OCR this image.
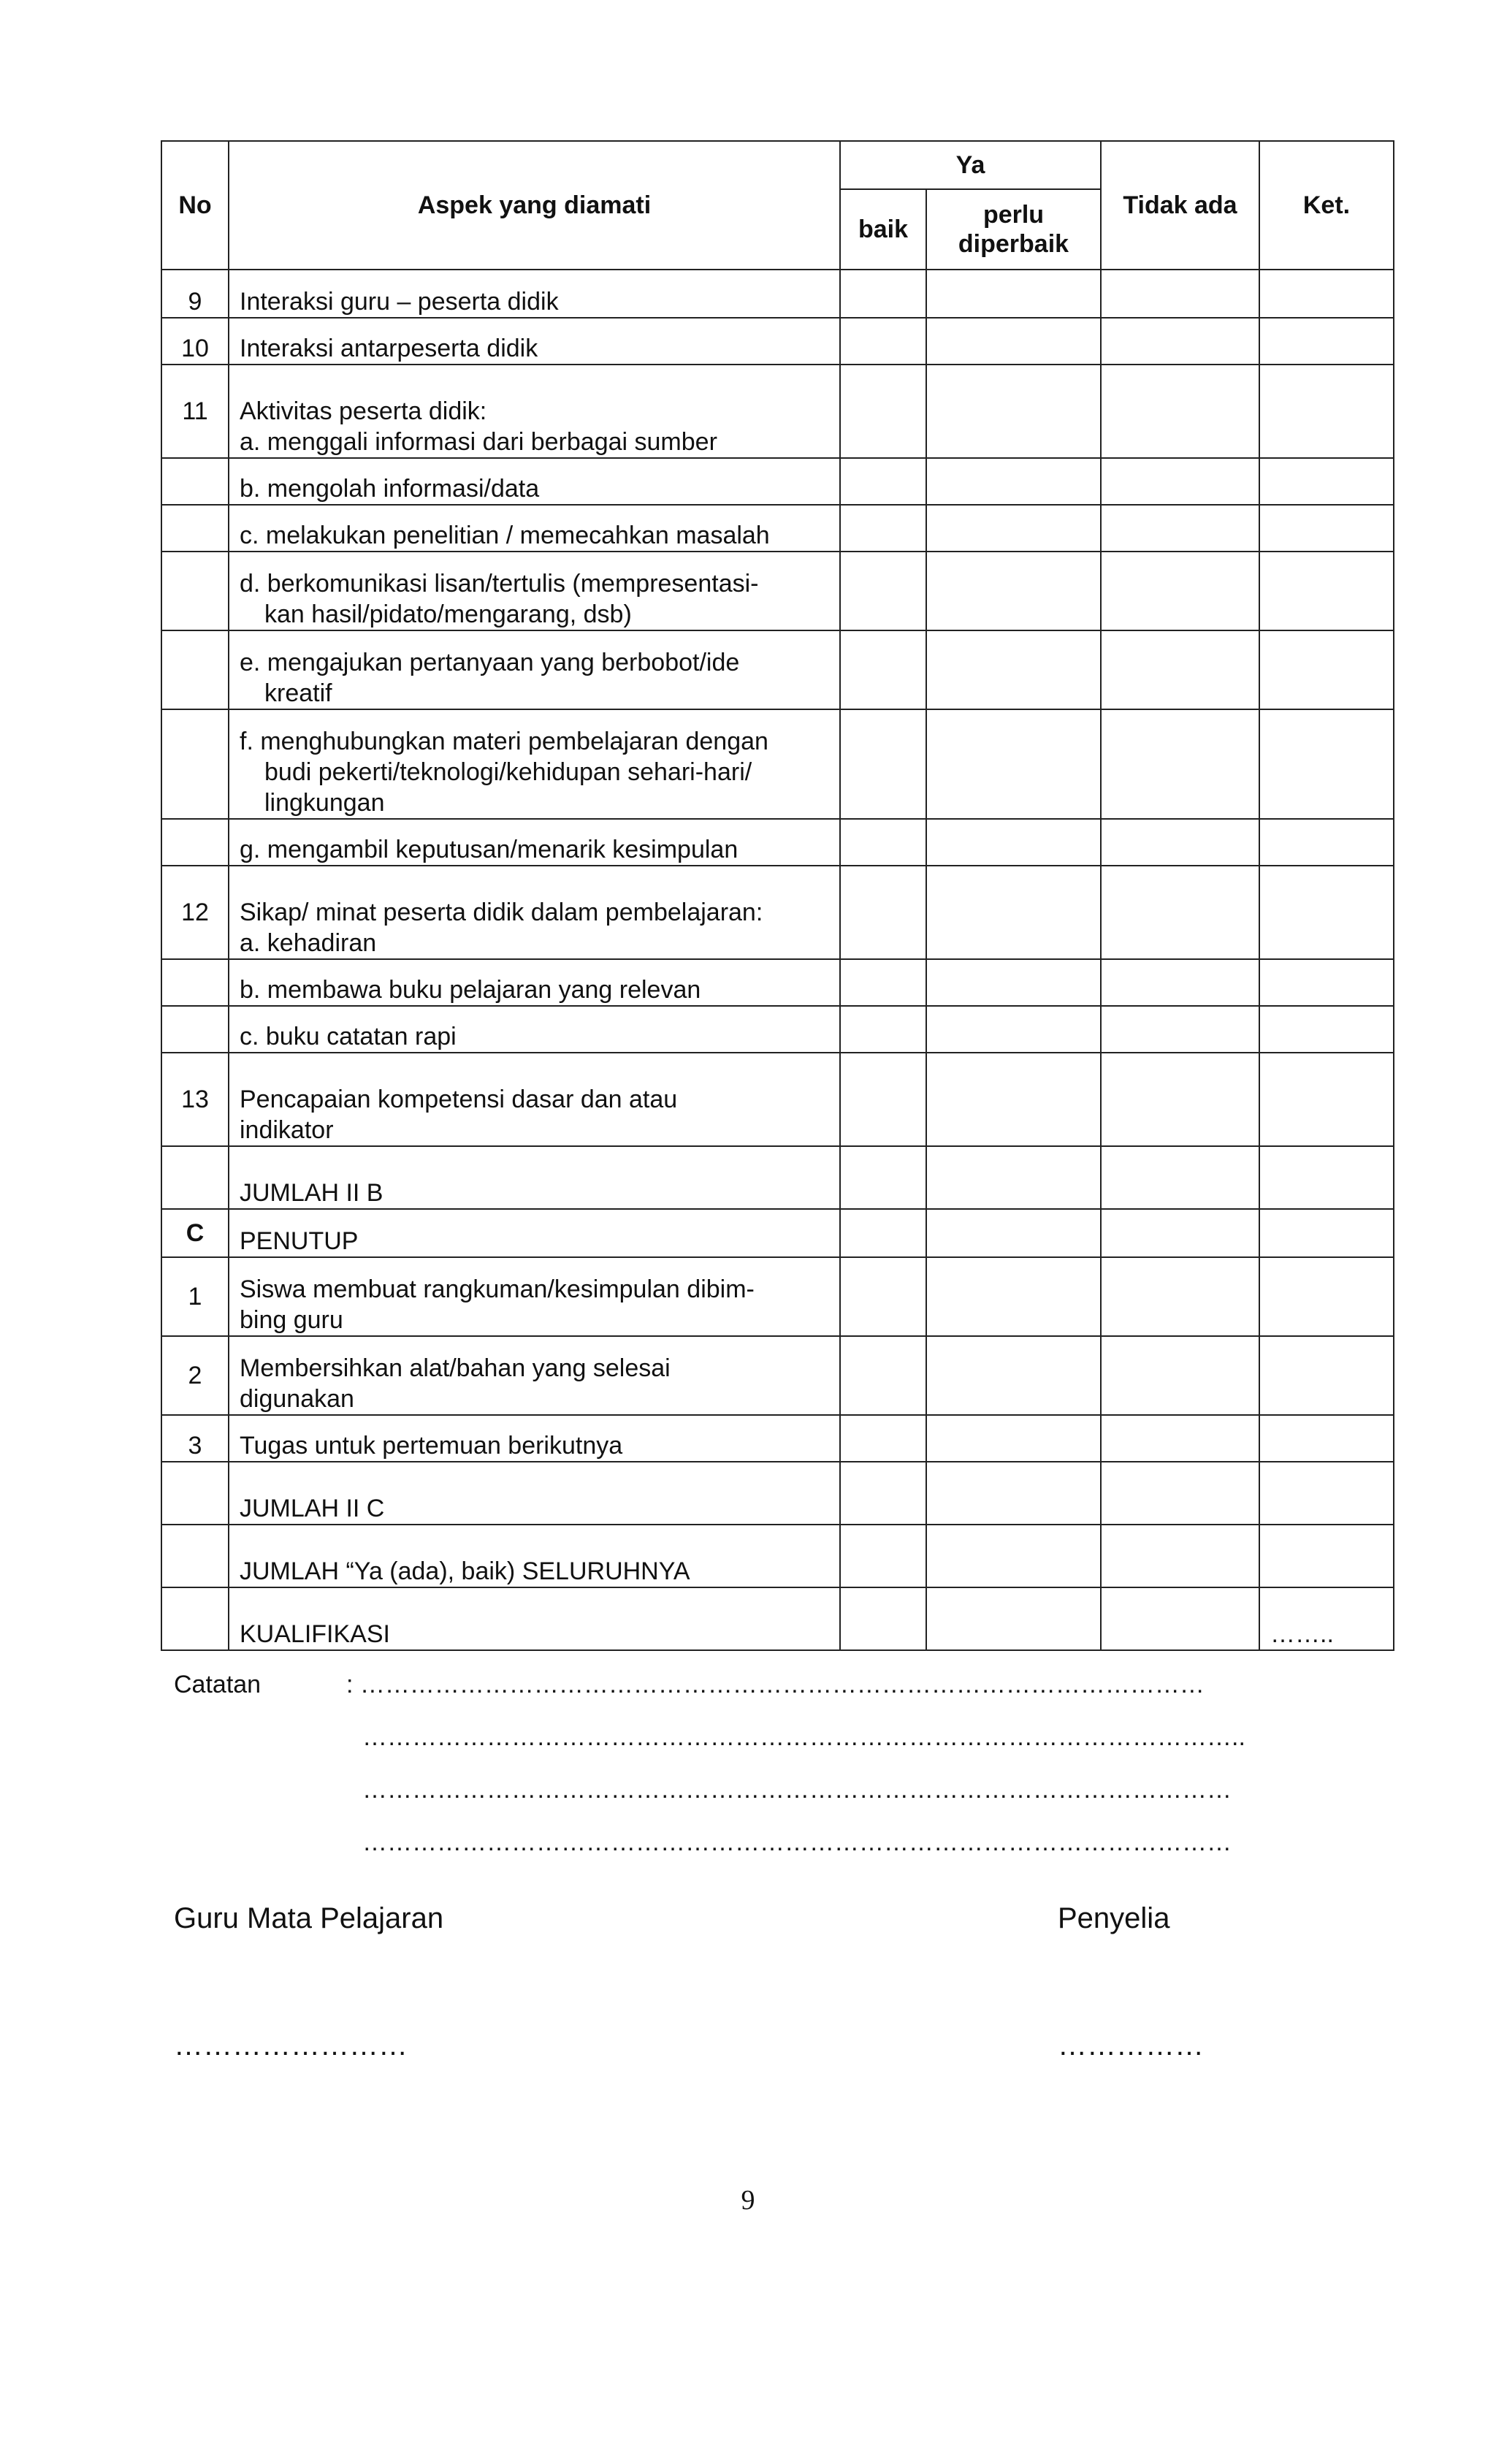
No	Aspek yang diamati	Ya		Tidak ada	Ket.
		baik	perlu diperbaik		
9	Interaksi guru – peserta didik				

10	Interaksi antarpeserta didik				

11	Aktivitas peserta didik:
a. menggali informasi dari berbagai sumber				

	b. mengolah informasi/data				

	c. melakukan penelitian / memecahkan masalah				

	d. berkomunikasi lisan/tertulis (mempresentasi-
kan hasil/pidato/mengarang, dsb)				

	e. mengajukan pertanyaan yang berbobot/ide
kreatif				

	f. menghubungkan materi pembelajaran dengan
budi pekerti/teknologi/kehidupan sehari-hari/
lingkungan				

	g. mengambil keputusan/menarik kesimpulan				

12	Sikap/ minat peserta didik dalam pembelajaran:
a. kehadiran				

	b. membawa buku pelajaran yang relevan				

	c. buku catatan rapi				

13	Pencapaian kompetensi dasar dan atau
indikator				

	JUMLAH II B				

C	PENUTUP				

1	Siswa membuat rangkuman/kesimpulan dibim-
bing guru				

2	Membersihkan alat/bahan yang selesai
digunakan				

3	Tugas untuk pertemuan berikutnya				

	JUMLAH II C				

	JUMLAH “Ya (ada), baik) SELURUHNYA				

	KUALIFIKASI				……..
Catatan	: …………………………………………………………………………………………
……………………………………………………………………………………………..
……………………………………………………………………………………………
……………………………………………………………………………………………
Guru Mata Pelajaran	Penyelia
……………………	……………
9
